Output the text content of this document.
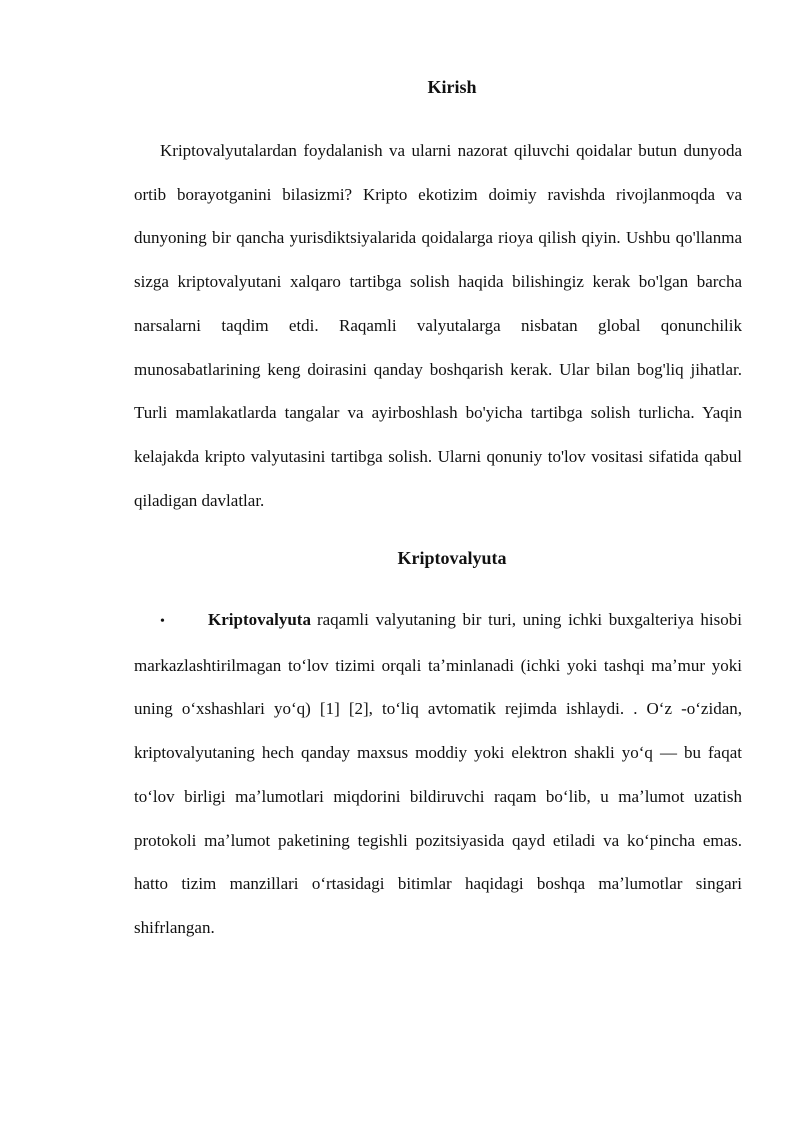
Kirish

Kriptovalyutalardan foydalanish va ularni nazorat qiluvchi qoidalar butun dunyoda ortib borayotganini bilasizmi? Kripto ekotizim doimiy ravishda rivojlanmoqda va dunyoning bir qancha yurisdiktsiyalarida qoidalarga rioya qilish qiyin. Ushbu qo'llanma sizga kriptovalyutani xalqaro tartibga solish haqida bilishingiz kerak bo'lgan barcha narsalarni taqdim etdi. Raqamli valyutalarga nisbatan global qonunchilik munosabatlarining keng doirasini qanday boshqarish kerak. Ular bilan bog'liq jihatlar. Turli mamlakatlarda tangalar va ayirboshlash bo'yicha tartibga solish turlicha. Yaqin kelajakda kripto valyutasini tartibga solish. Ularni qonuniy to'lov vositasi sifatida qabul qiladigan davlatlar.

Kriptovalyuta

•	Kriptovalyuta raqamli valyutaning bir turi, uning ichki buxgalteriya hisobi markazlashtirilmagan toʻlov tizimi orqali taʼminlanadi (ichki yoki tashqi maʼmur yoki uning oʻxshashlari yoʻq) [1] [2], toʻliq avtomatik rejimda ishlaydi. . Oʻz -oʻzidan, kriptovalyutaning hech qanday maxsus moddiy yoki elektron shakli yoʻq — bu faqat toʻlov birligi maʼlumotlari miqdorini bildiruvchi raqam boʻlib, u maʼlumot uzatish protokoli maʼlumot paketining tegishli pozitsiyasida qayd etiladi va koʻpincha emas. hatto tizim manzillari oʻrtasidagi bitimlar haqidagi boshqa maʼlumotlar singari shifrlangan.
